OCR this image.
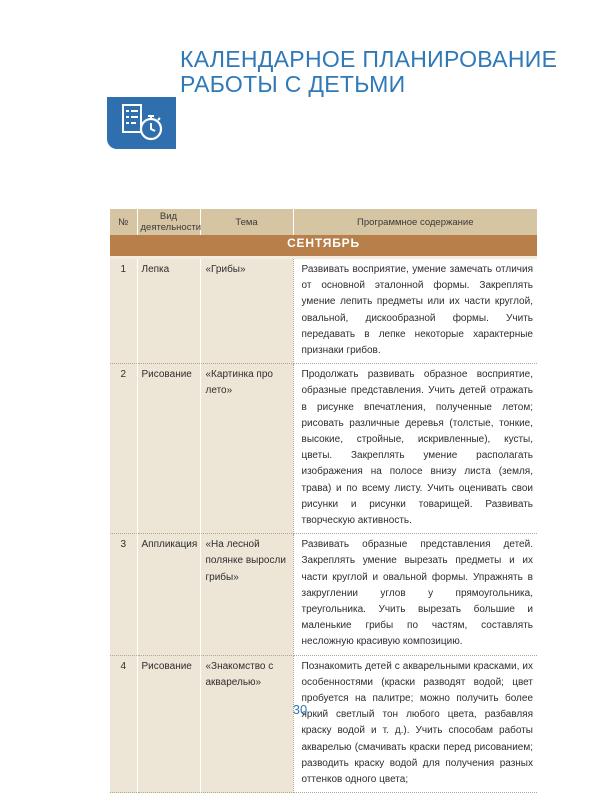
КАЛЕНДАРНОЕ ПЛАНИРОВАНИЕ
РАБОТЫ С ДЕТЬМИ
№	Вид деятельности	Тема	Программное содержание
СЕНТЯБРЬ			
1	Лепка	«Грибы»	Развивать восприятие, умение замечать отличия от основной эталонной формы. Закреплять умение лепить предметы или их части круглой, овальной, дискообразной формы. Учить передавать в лепке некоторые характерные признаки грибов.
2	Рисование	«Картинка про лето»	Продолжать развивать образное восприятие, образные представления. Учить детей отражать в рисунке впечатления, полученные летом; рисовать различные деревья (толстые, тонкие, высокие, стройные, искривленные), кусты, цветы. Закреплять умение располагать изображения на полосе внизу листа (земля, трава) и по всему листу. Учить оценивать свои рисунки и рисунки товарищей. Развивать творческую активность.
3	Аппликация	«На лесной полянке выросли грибы»	Развивать образные представления детей. Закреплять умение вырезать предметы и их части круглой и овальной формы. Упражнять в закруглении углов у прямоугольника, треугольника. Учить вырезать большие и маленькие грибы по частям, составлять несложную красивую композицию.
4	Рисование	«Знакомство с акварелью»	Познакомить детей с акварельными красками, их особенностями (краски разводят водой; цвет пробуется на палитре; можно получить более яркий светлый тон любого цвета, разбавляя краску водой и т. д.). Учить способам работы акварелью (смачивать краски перед рисованием; разводить краску водой для получения разных оттенков одного цвета;
30
